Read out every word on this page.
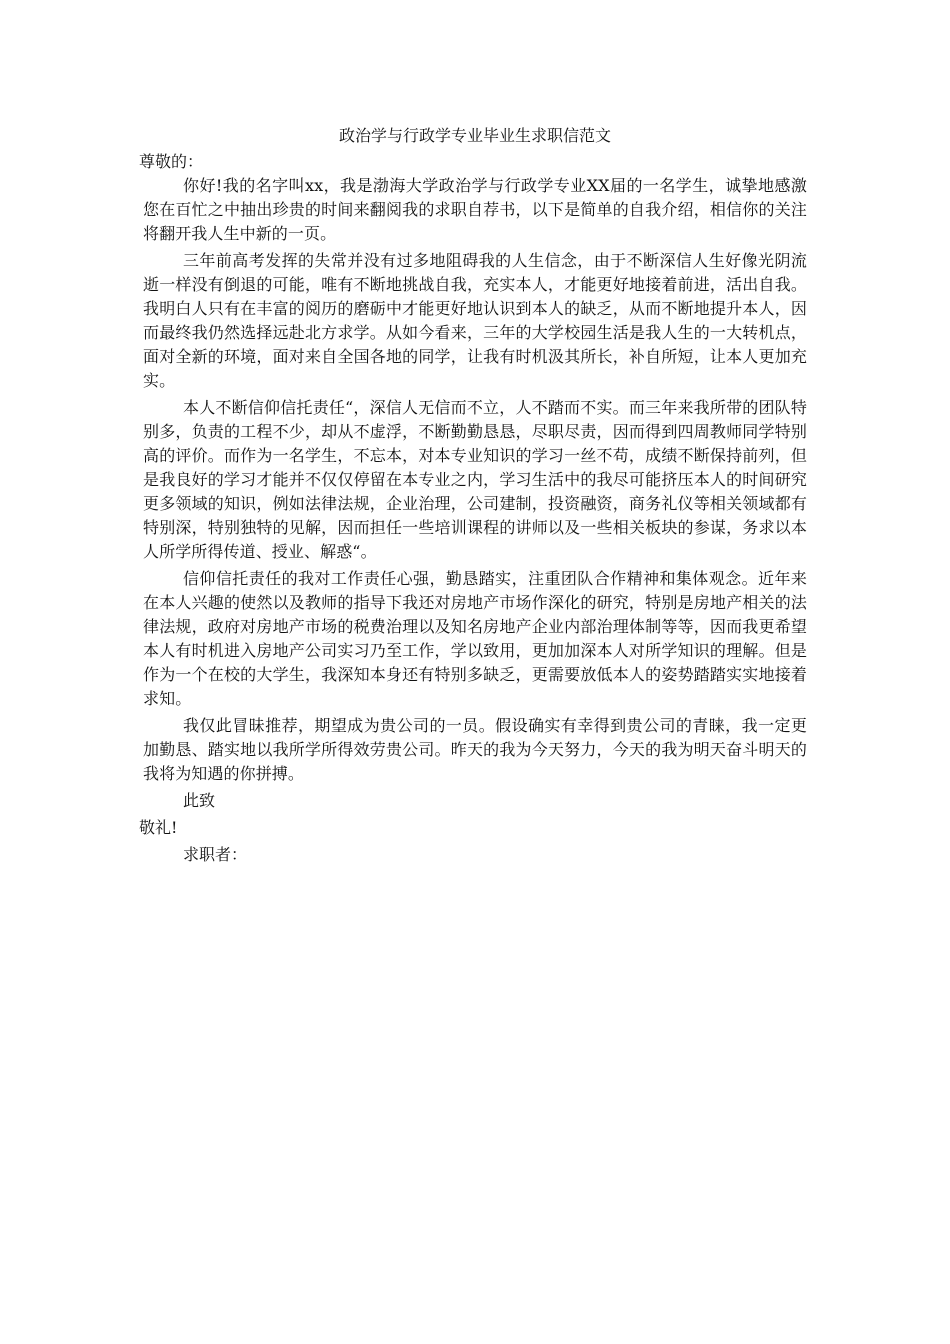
政治学与行政学专业毕业生求职信范文

尊敬的：

你好!我的名字叫xx，我是渤海大学政治学与行政学专业XX届的一名学生，诚挚地感激您在百忙之中抽出珍贵的时间来翻阅我的求职自荐书，以下是简单的自我介绍，相信你的关注将翻开我人生中新的一页。

三年前高考发挥的失常并没有过多地阻碍我的人生信念，由于不断深信人生好像光阴流逝一样没有倒退的可能，唯有不断地挑战自我，充实本人，才能更好地接着前进，活出自我。我明白人只有在丰富的阅历的磨砺中才能更好地认识到本人的缺乏，从而不断地提升本人，因而最终我仍然选择远赴北方求学。从如今看来，三年的大学校园生活是我人生的一大转机点，面对全新的环境，面对来自全国各地的同学，让我有时机汲其所长，补自所短，让本人更加充实。

本人不断信仰信托责任“，深信人无信而不立，人不踏而不实。而三年来我所带的团队特别多，负责的工程不少，却从不虚浮，不断勤勤恳恳，尽职尽责，因而得到四周教师同学特别高的评价。而作为一名学生，不忘本，对本专业知识的学习一丝不苟，成绩不断保持前列，但是我良好的学习才能并不仅仅停留在本专业之内，学习生活中的我尽可能挤压本人的时间研究更多领域的知识，例如法律法规，企业治理，公司建制，投资融资，商务礼仪等相关领域都有特别深，特别独特的见解，因而担任一些培训课程的讲师以及一些相关板块的参谋，务求以本人所学所得传道、授业、解惑“。

信仰信托责任的我对工作责任心强，勤恳踏实，注重团队合作精神和集体观念。近年来在本人兴趣的使然以及教师的指导下我还对房地产市场作深化的研究，特别是房地产相关的法律法规，政府对房地产市场的税费治理以及知名房地产企业内部治理体制等等，因而我更希望本人有时机进入房地产公司实习乃至工作，学以致用，更加加深本人对所学知识的理解。但是作为一个在校的大学生，我深知本身还有特别多缺乏，更需要放低本人的姿势踏踏实实地接着求知。

我仅此冒昧推荐，期望成为贵公司的一员。假设确实有幸得到贵公司的青睐，我一定更加勤恳、踏实地以我所学所得效劳贵公司。昨天的我为今天努力，今天的我为明天奋斗明天的我将为知遇的你拼搏。

此致

敬礼!

求职者：
